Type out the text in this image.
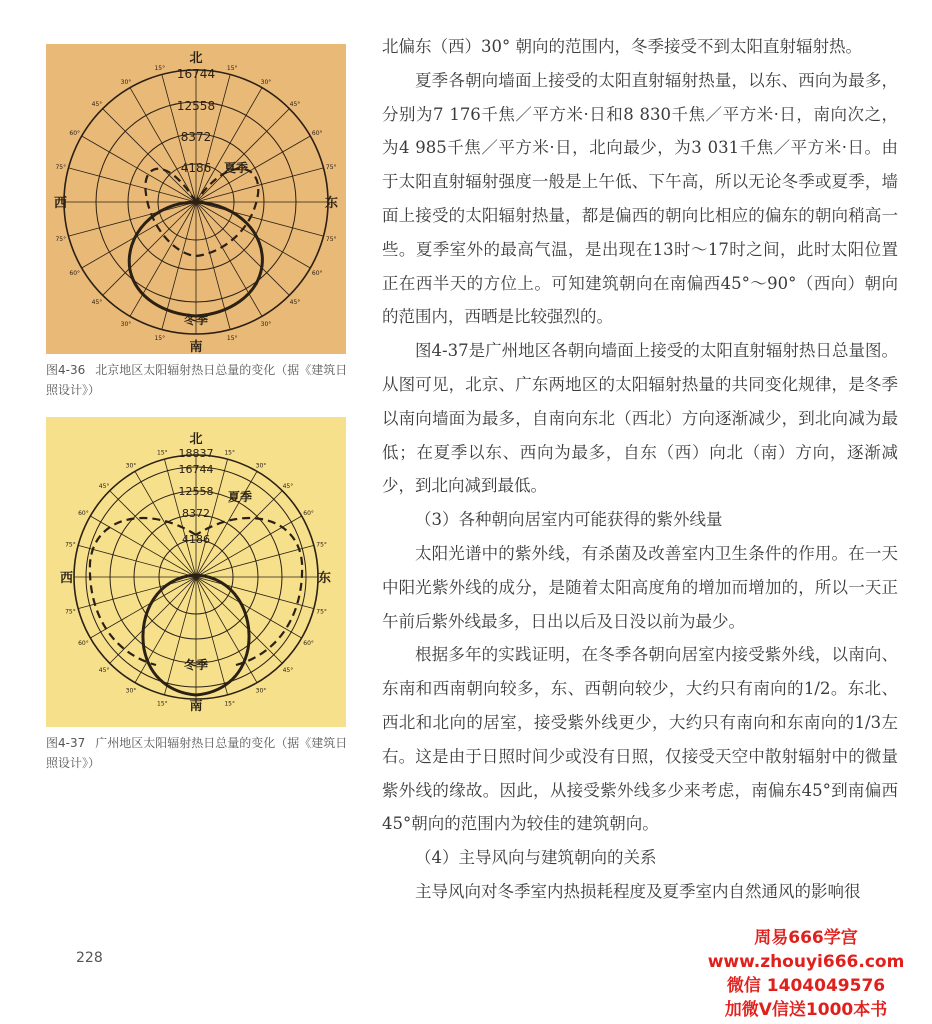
15°
15°
30°
30°
45°
45°
60°
60°
75°
75°
75°
75°
60°
60°
45°
45°
30°
30°
15°
15°
北
南
西	东
16744
12558
8372
4186 夏季
冬季
图4-36 北京地区太阳辐射热日总量的变化（据《建筑日照设计》）
15°
15°
30°
30°
45°
45°
60°
60°
75°
75°
75°
75°
60°
60°
45°
45°
30°
30°
15°
15°
北
南
西	东
18837
16744
12558
8372
4186
夏季
冬季
图4-37 广州地区太阳辐射热日总量的变化（据《建筑日照设计》）

北偏东（西）30° 朝向的范围内，冬季接受不到太阳直射辐射热。

夏季各朝向墙面上接受的太阳直射辐射热量，以东、西向为最多，分别为7 176千焦／平方米·日和8 830千焦／平方米·日，南向次之，为4 985千焦／平方米·日，北向最少，为3 031千焦／平方米·日。由于太阳直射辐射强度一般是上午低、下午高，所以无论冬季或夏季，墙面上接受的太阳辐射热量，都是偏西的朝向比相应的偏东的朝向稍高一些。夏季室外的最高气温，是出现在13时～17时之间，此时太阳位置正在西半天的方位上。可知建筑朝向在南偏西45°～90°（西向）朝向的范围内，西晒是比较强烈的。

图4-37是广州地区各朝向墙面上接受的太阳直射辐射热日总量图。从图可见，北京、广东两地区的太阳辐射热量的共同变化规律，是冬季以南向墙面为最多，自南向东北（西北）方向逐渐减少，到北向减为最低；在夏季以东、西向为最多，自东（西）向北（南）方向，逐渐减少，到北向减到最低。

（3）各种朝向居室内可能获得的紫外线量

太阳光谱中的紫外线，有杀菌及改善室内卫生条件的作用。在一天中阳光紫外线的成分，是随着太阳高度角的增加而增加的，所以一天正午前后紫外线最多，日出以后及日没以前为最少。

根据多年的实践证明，在冬季各朝向居室内接受紫外线，以南向、东南和西南朝向较多，东、西朝向较少，大约只有南向的1/2。东北、西北和北向的居室，接受紫外线更少，大约只有南向和东南向的1/3左右。这是由于日照时间少或没有日照，仅接受天空中散射辐射中的微量紫外线的缘故。因此，从接受紫外线多少来考虑，南偏东45°到南偏西45°朝向的范围内为较佳的建筑朝向。

（4）主导风向与建筑朝向的关系

主导风向对冬季室内热损耗程度及夏季室内自然通风的影响很

228
周易666学宫
www.zhouyi666.com
微信 1404049576
加微V信送1000本书
